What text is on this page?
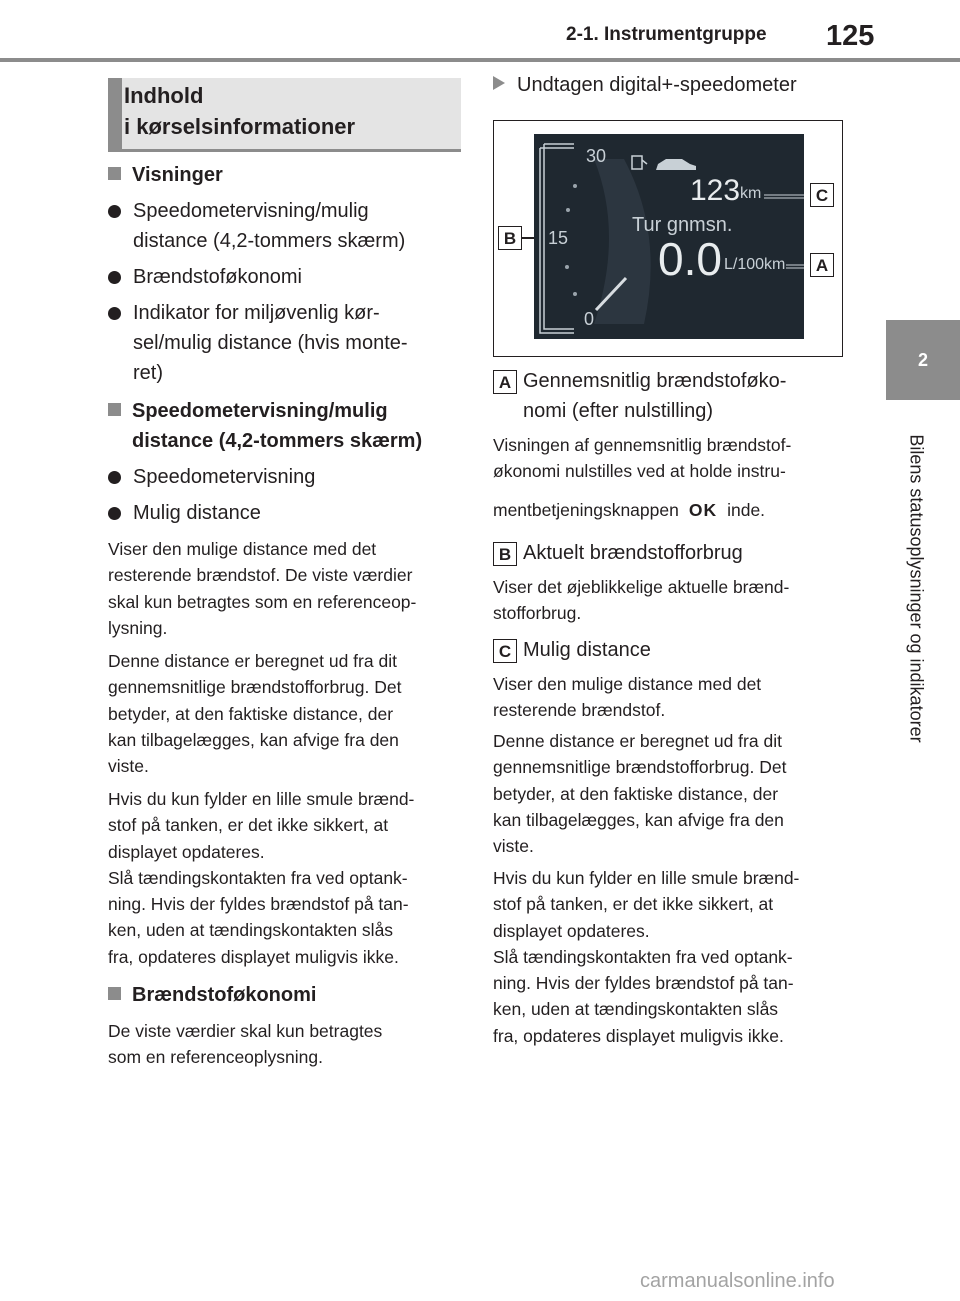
2-1. Instrumentgruppe 125
2
Bilens statusoplysninger og indikatorer
Indhold
i kørselsinformationer
Visninger
Speedometervisning/mulig
distance (4,2-tommers skærm)
Brændstoføkonomi
Indikator for miljøvenlig kør-
sel/mulig distance (hvis monte-
ret)
Speedometervisning/mulig
distance (4,2-tommers skærm)
Speedometervisning
Mulig distance
Viser den mulige distance med det
resterende brændstof. De viste værdier
skal kun betragtes som en referenceop-
lysning.
Denne distance er beregnet ud fra dit
gennemsnitlige brændstofforbrug. Det
betyder, at den faktiske distance, der
kan tilbagelægges, kan afvige fra den
viste.
Hvis du kun fylder en lille smule brænd-
stof på tanken, er det ikke sikkert, at
displayet opdateres.
Slå tændingskontakten fra ved optank-
ning. Hvis der fyldes brændstof på tan-
ken, uden at tændingskontakten slås
fra, opdateres displayet muligvis ikke.
Brændstoføkonomi
De viste værdier skal kun betragtes
som en referenceoplysning.
Undtagen digital+-speedometer
30
15
0
123 km
Tur gnmsn.
0.0 L/100km
B
C
A
A Gennemsnitlig brændstoføko-
nomi (efter nulstilling)
Visningen af gennemsnitlig brændstof-
økonomi nulstilles ved at holde instru-
mentbetjeningsknappen OK inde.
B Aktuelt brændstofforbrug
Viser det øjeblikkelige aktuelle brænd-
stofforbrug.
C Mulig distance
Viser den mulige distance med det
resterende brændstof.
Denne distance er beregnet ud fra dit
gennemsnitlige brændstofforbrug. Det
betyder, at den faktiske distance, der
kan tilbagelægges, kan afvige fra den
viste.
Hvis du kun fylder en lille smule brænd-
stof på tanken, er det ikke sikkert, at
displayet opdateres.
Slå tændingskontakten fra ved optank-
ning. Hvis der fyldes brændstof på tan-
ken, uden at tændingskontakten slås
fra, opdateres displayet muligvis ikke.
carmanualsonline.info
